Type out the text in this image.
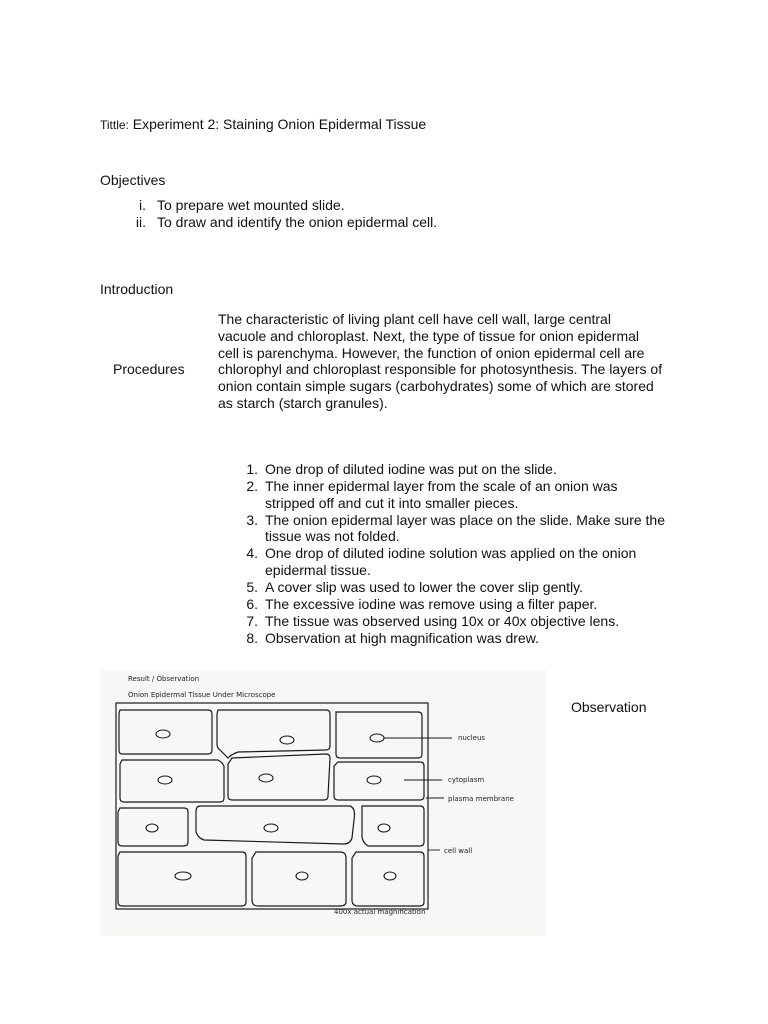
Tittle: Experiment 2: Staining Onion Epidermal Tissue
Objectives
i. To prepare wet mounted slide.
ii. To draw and identify the onion epidermal cell.
Introduction
Procedures
The characteristic of living plant cell have cell wall, large central vacuole and chloroplast. Next, the type of tissue for onion epidermal cell is parenchyma. However, the function of onion epidermal cell are chlorophyl and chloroplast responsible for photosynthesis. The layers of onion contain simple sugars (carbohydrates) some of which are stored as starch (starch granules).
1. One drop of diluted iodine was put on the slide.
2. The inner epidermal layer from the scale of an onion was stripped off and cut it into smaller pieces.
3. The onion epidermal layer was place on the slide. Make sure the tissue was not folded.
4. One drop of diluted iodine solution was applied on the onion epidermal tissue.
5. A cover slip was used to lower the cover slip gently.
6. The excessive iodine was remove using a filter paper.
7. The tissue was observed using 10x or 40x objective lens.
8. Observation at high magnification was drew.
Observation
Result / Observation
Onion Epidermal Tissue Under Microscope
nucleus
cytoplasm
plasma membrane
cell wall
400x actual magnification
